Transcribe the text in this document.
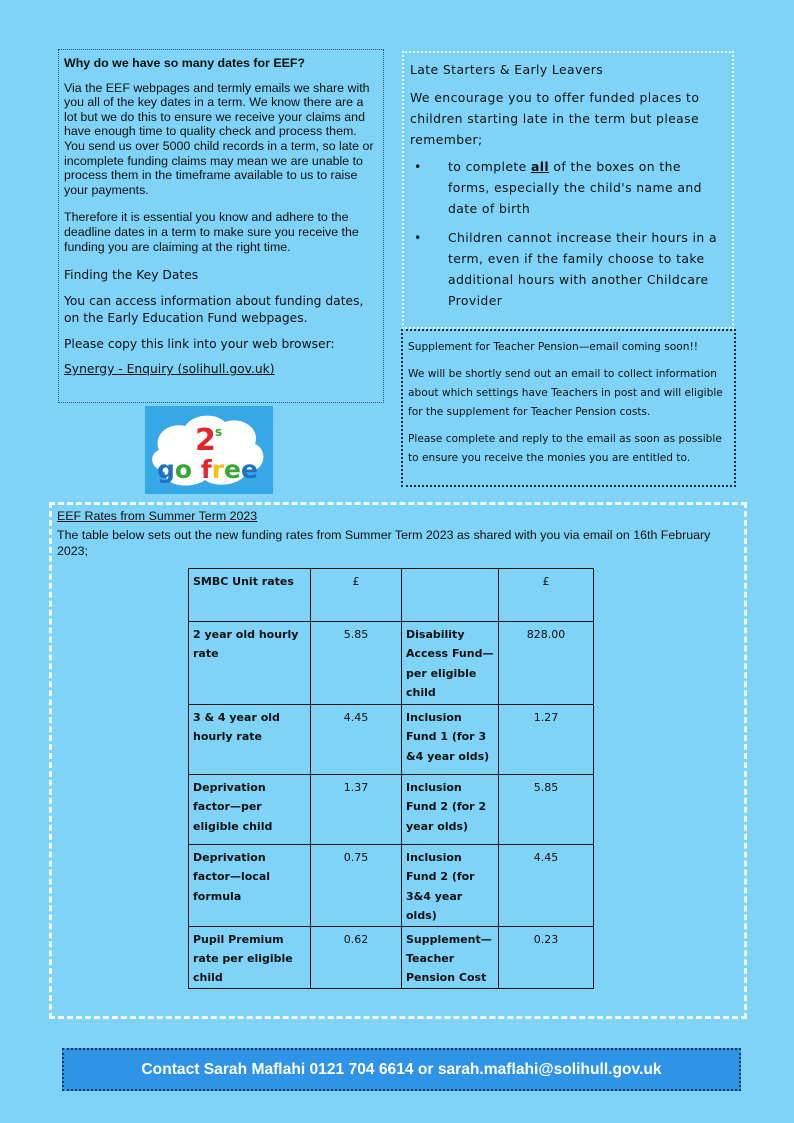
Why do we have so many dates for EEF?

Via the EEF webpages and termly emails we share with you all of the key dates in a term. We know there are a lot but we do this to ensure we receive your claims and have enough time to quality check and process them. You send us over 5000 child records in a term, so late or incomplete funding claims may mean we are unable to process them in the timeframe available to us to raise your payments.

Therefore it is essential you know and adhere to the deadline dates in a term to make sure you receive the funding you are claiming at the right time.

Finding the Key Dates

You can access information about funding dates, on the Early Education Fund webpages.

Please copy this link into your web browser:

Synergy - Enquiry (solihull.gov.uk)
Late Starters & Early Leavers

We encourage you to offer funded places to children starting late in the term but please remember;

• to complete all of the boxes on the forms, especially the child's name and date of birth
• Children cannot increase their hours in a term, even if the family choose to take additional hours with another Childcare Provider

Supplement for Teacher Pension—email coming soon!!

We will be shortly send out an email to collect information about which settings have Teachers in post and will eligible for the supplement for Teacher Pension costs.

Please complete and reply to the email as soon as possible to ensure you receive the monies you are entitled to.

2 s
go free
EEF Rates from Summer Term 2023

The table below sets out the new funding rates from Summer Term 2023 as shared with you via email on 16th February 2023;

SMBC Unit rates	£		£
2 year old hourly rate	5.85	Disability Access Fund—per eligible child	828.00
3 & 4 year old hourly rate	4.45	Inclusion Fund 1 (for 3 &4 year olds)	1.27
Deprivation factor—per eligible child	1.37	Inclusion Fund 2 (for 2 year olds)	5.85
Deprivation factor—local formula	0.75	Inclusion Fund 2 (for 3&4 year olds)	4.45
Pupil Premium rate per eligible child	0.62	Supplement—Teacher Pension Cost	0.23
Contact Sarah Maflahi 0121 704 6614 or sarah.maflahi@solihull.gov.uk
